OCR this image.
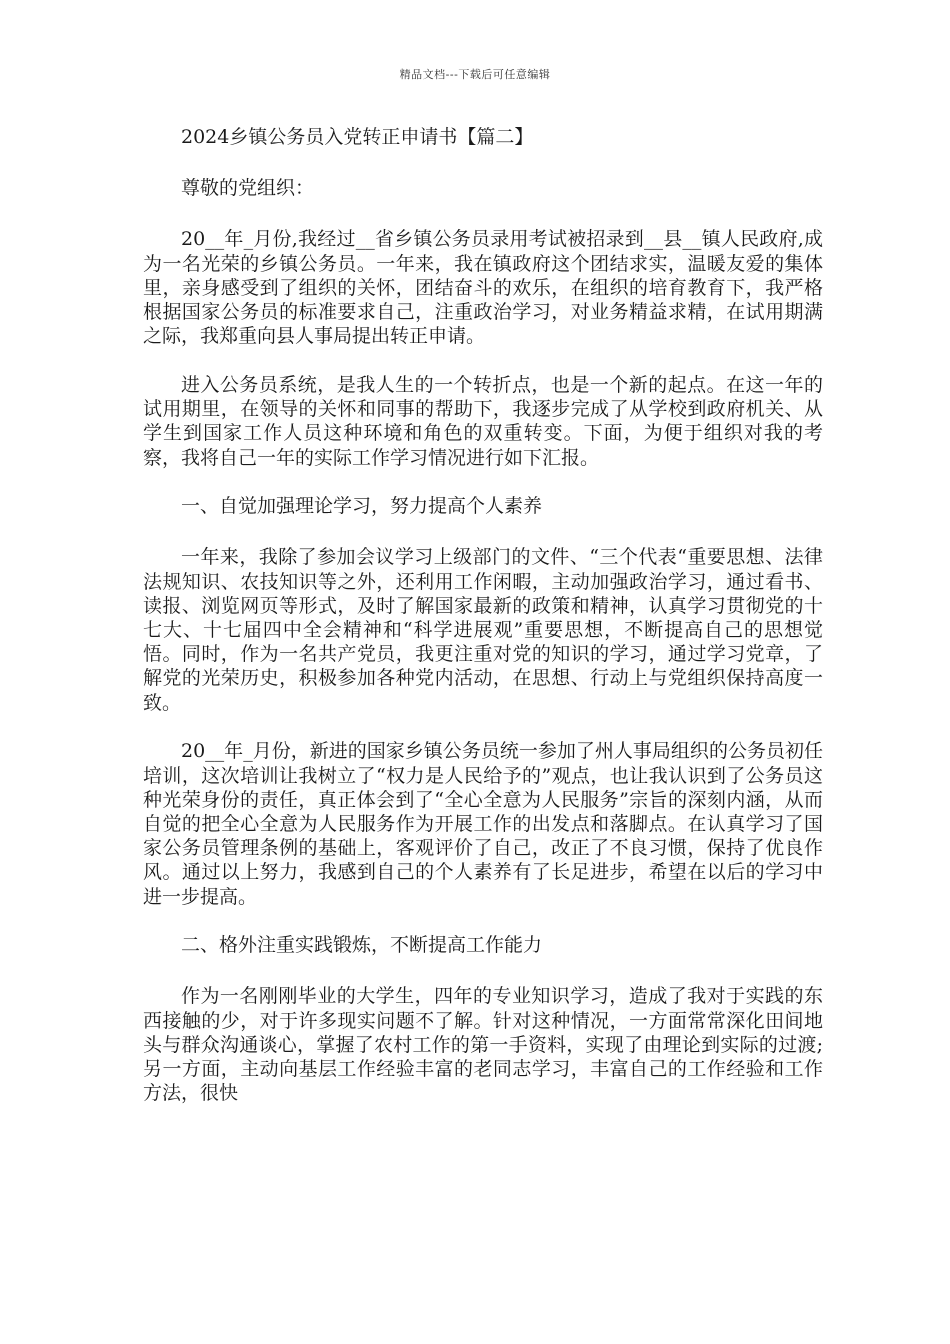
精品文档---下载后可任意编辑

2024乡镇公务员入党转正申请书【篇二】

尊敬的党组织：

20__年_月份,我经过__省乡镇公务员录用考试被招录到__县__镇人民政府,成为一名光荣的乡镇公务员。一年来，我在镇政府这个团结求实，温暖友爱的集体里，亲身感受到了组织的关怀，团结奋斗的欢乐，在组织的培育教育下，我严格根据国家公务员的标准要求自己，注重政治学习，对业务精益求精，在试用期满之际，我郑重向县人事局提出转正申请。

进入公务员系统，是我人生的一个转折点，也是一个新的起点。在这一年的试用期里，在领导的关怀和同事的帮助下，我逐步完成了从学校到政府机关、从学生到国家工作人员这种环境和角色的双重转变。下面，为便于组织对我的考察，我将自己一年的实际工作学习情况进行如下汇报。

一、自觉加强理论学习，努力提高个人素养

一年来，我除了参加会议学习上级部门的文件、“三个代表“重要思想、法律法规知识、农技知识等之外，还利用工作闲暇，主动加强政治学习，通过看书、读报、浏览网页等形式，及时了解国家最新的政策和精神，认真学习贯彻党的十七大、十七届四中全会精神和“科学进展观”重要思想，不断提高自己的思想觉悟。同时，作为一名共产党员，我更注重对党的知识的学习，通过学习党章，了解党的光荣历史，积极参加各种党内活动，在思想、行动上与党组织保持高度一致。

20__年_月份，新进的国家乡镇公务员统一参加了州人事局组织的公务员初任培训，这次培训让我树立了“权力是人民给予的”观点，也让我认识到了公务员这种光荣身份的责任，真正体会到了“全心全意为人民服务”宗旨的深刻内涵，从而自觉的把全心全意为人民服务作为开展工作的出发点和落脚点。在认真学习了国家公务员管理条例的基础上，客观评价了自己，改正了不良习惯，保持了优良作风。通过以上努力，我感到自己的个人素养有了长足进步，希望在以后的学习中进一步提高。

二、格外注重实践锻炼，不断提高工作能力

作为一名刚刚毕业的大学生，四年的专业知识学习，造成了我对于实践的东西接触的少，对于许多现实问题不了解。针对这种情况，一方面常常深化田间地头与群众沟通谈心，掌握了农村工作的第一手资料，实现了由理论到实际的过渡;另一方面，主动向基层工作经验丰富的老同志学习，丰富自己的工作经验和工作方法，很快
